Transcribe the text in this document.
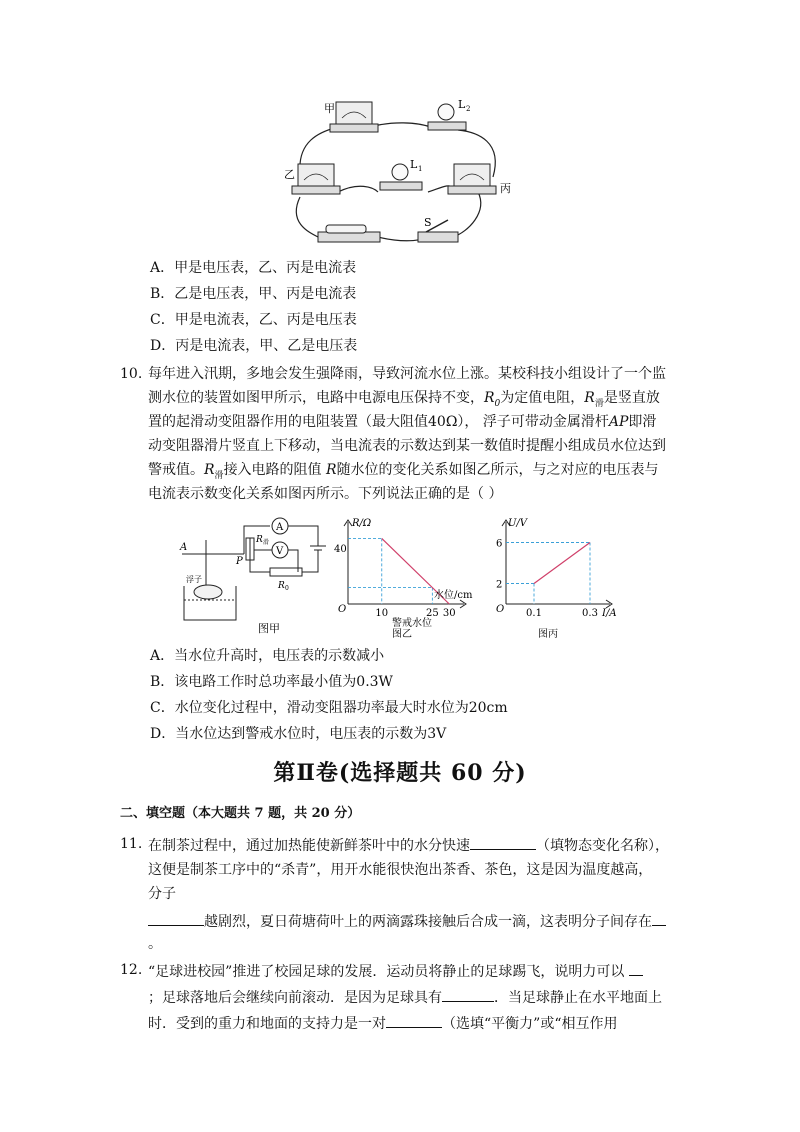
甲	L 2
乙
L 1
丙
S
A．甲是电压表，乙、丙是电流表
B．乙是电压表，甲、丙是电流表
C．甲是电流表，乙、丙是电压表
D．丙是电流表，甲、乙是电压表
10. 每年进入汛期，多地会发生强降雨，导致河流水位上涨。某校科技小组设计了一个监
测水位的装置如图甲所示，电路中电源电压保持不变，$R_0$为定值电阻，$R_滑$是竖直放
置的起滑动变阻器作用的电阻装置（最大阻值40Ω）， 浮子可带动金属滑杆AP即滑
动变阻器滑片竖直上下移动，当电流表的示数达到某一数值时提醒小组成员水位达到
警戒值。$R_滑$接入电路的阻值 R随水位的变化关系如图乙所示，与之对应的电压表与
电流表示数变化关系如图丙所示。下列说法正确的是（ ）
A
V
A
P
浮子
R 滑
R 0
图甲
R/Ω
水位/cm
O
40
10	25 30
警戒水位
图乙
U/V
I/A
O
6
2
0.1	0.3
图丙
A．当水位升高时，电压表的示数减小
B．该电路工作时总功率最小值为0.3W
C．水位变化过程中，滑动变阻器功率最大时水位为20cm
D．当水位达到警戒水位时，电压表的示数为3V
第Ⅱ卷(选择题共 60 分)
二、填空题（本大题共 7 题，共 20 分）
11. 在制茶过程中，通过加热能使新鲜茶叶中的水分快速	（填物态变化名称），
这便是制茶工序中的“杀青”，用开水能很快泡出茶香、茶色，这是因为温度越高，
分子
越剧烈，夏日荷塘荷叶上的两滴露珠接触后合成一滴，这表明分子间存在
。
12. “足球进校园”推进了校园足球的发展．运动员将静止的足球踢飞，说明力可以
；足球落地后会继续向前滚动．是因为足球具有	．当足球静止在水平地面上
时．受到的重力和地面的支持力是一对	（选填“平衡力”或“相互作用
